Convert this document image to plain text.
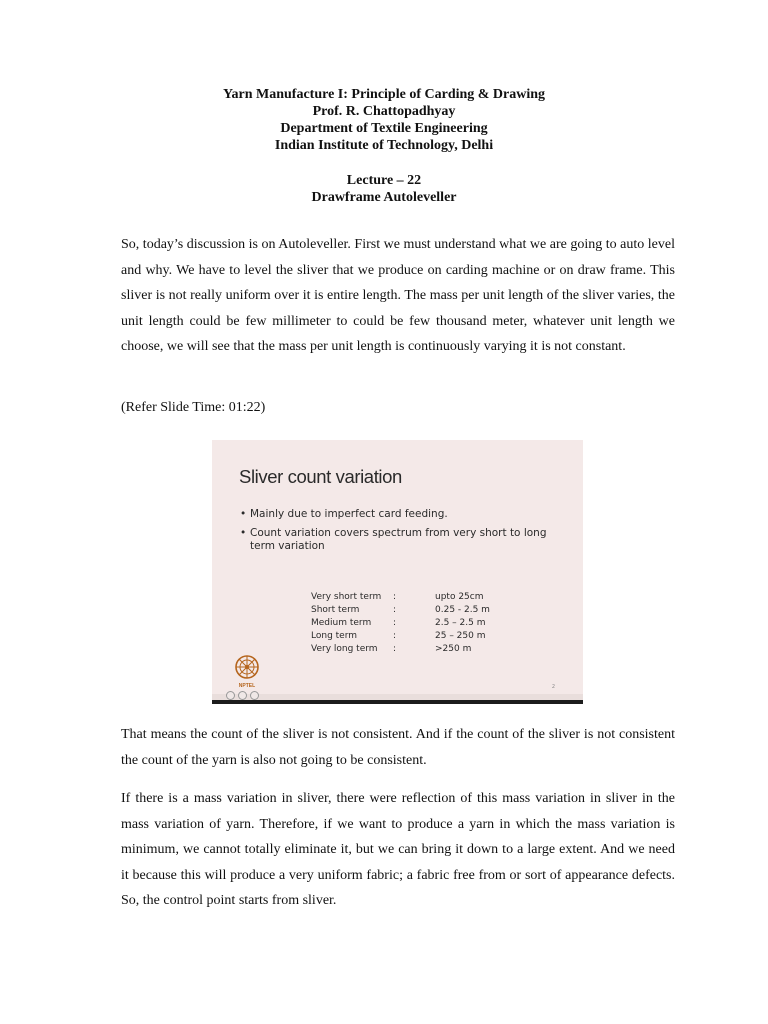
Yarn Manufacture I: Principle of Carding & Drawing
Prof. R. Chattopadhyay
Department of Textile Engineering
Indian Institute of Technology, Delhi
Lecture – 22
Drawframe Autoleveller
So, today’s discussion is on Autoleveller. First we must understand what we are going to auto level and why. We have to level the sliver that we produce on carding machine or on draw frame. This sliver is not really uniform over it is entire length. The mass per unit length of the sliver varies, the unit length could be few millimeter to could be few thousand meter, whatever unit length we choose, we will see that the mass per unit length is continuously varying it is not constant.
(Refer Slide Time: 01:22)
Sliver count variation
• Mainly due to imperfect card feeding.
• Count variation covers spectrum from very short to long term variation
Very short term	:	upto 25cm
Short term	:	0.25 - 2.5 m
Medium term	:	2.5 – 2.5 m
Long term	:	25 – 250 m
Very long term	:	>250 m
NPTEL	2
That means the count of the sliver is not consistent. And if the count of the sliver is not consistent the count of the yarn is also not going to be consistent.
If there is a mass variation in sliver, there were reflection of this mass variation in sliver in the mass variation of yarn. Therefore, if we want to produce a yarn in which the mass variation is minimum, we cannot totally eliminate it, but we can bring it down to a large extent. And we need it because this will produce a very uniform fabric; a fabric free from or sort of appearance defects. So, the control point starts from sliver.
